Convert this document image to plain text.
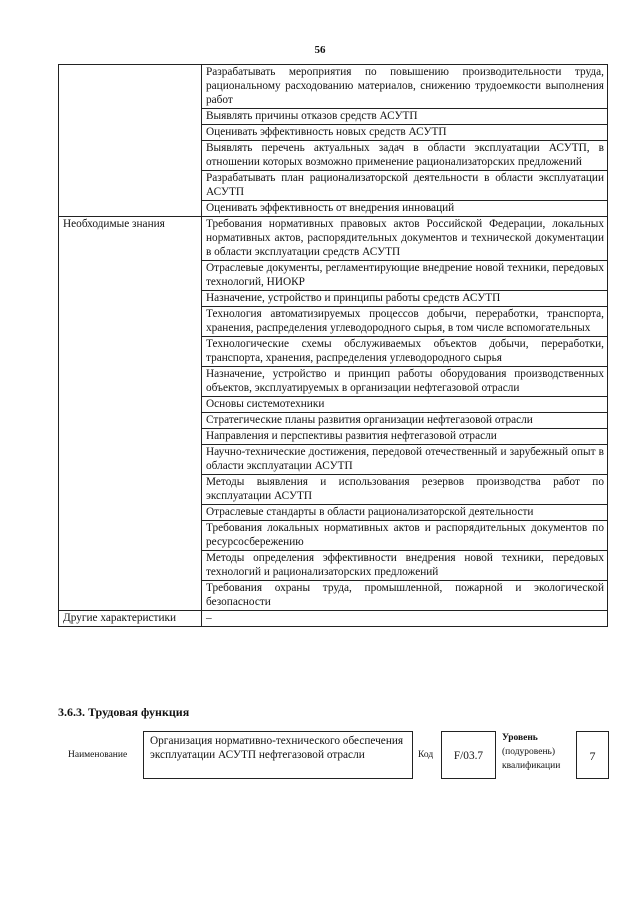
56
	Разрабатывать мероприятия по повышению производительности труда, рациональному расходованию материалов, снижению трудоемкости выполнения работ
	Выявлять причины отказов средств АСУТП
	Оценивать эффективность новых средств АСУТП
	Выявлять перечень актуальных задач в области эксплуатации АСУТП, в отношении которых возможно применение рационализаторских предложений
	Разрабатывать план рационализаторской деятельности в области эксплуатации АСУТП
	Оценивать эффективность от внедрения инноваций

Необходимые знания	Требования нормативных правовых актов Российской Федерации, локальных нормативных актов, распорядительных документов и технической документации в области эксплуатации средств АСУТП
	Отраслевые документы, регламентирующие внедрение новой техники, передовых технологий, НИОКР
	Назначение, устройство и принципы работы средств АСУТП
	Технология автоматизируемых процессов добычи, переработки, транспорта, хранения, распределения углеводородного сырья, в том числе вспомогательных
	Технологические схемы обслуживаемых объектов добычи, переработки, транспорта, хранения, распределения углеводородного сырья
	Назначение, устройство и принцип работы оборудования производственных объектов, эксплуатируемых в организации нефтегазовой отрасли
	Основы системотехники
	Стратегические планы развития организации нефтегазовой отрасли
	Направления и перспективы развития нефтегазовой отрасли
	Научно-технические достижения, передовой отечественный и зарубежный опыт в области эксплуатации АСУТП
	Методы выявления и использования резервов производства работ по эксплуатации АСУТП
	Отраслевые стандарты в области рационализаторской деятельности
	Требования локальных нормативных актов и распорядительных документов по ресурсосбережению
	Методы определения эффективности внедрения новой техники, передовых технологий и рационализаторских предложений
	Требования охраны труда, промышленной, пожарной и экологической безопасности

Другие характеристики	–
3.6.3. Трудовая функция
Наименование
Организация нормативно-технического обеспечения эксплуатации АСУТП нефтегазовой отрасли	Код	F/03.7
Уровень
(подуровень)
квалификации
7
